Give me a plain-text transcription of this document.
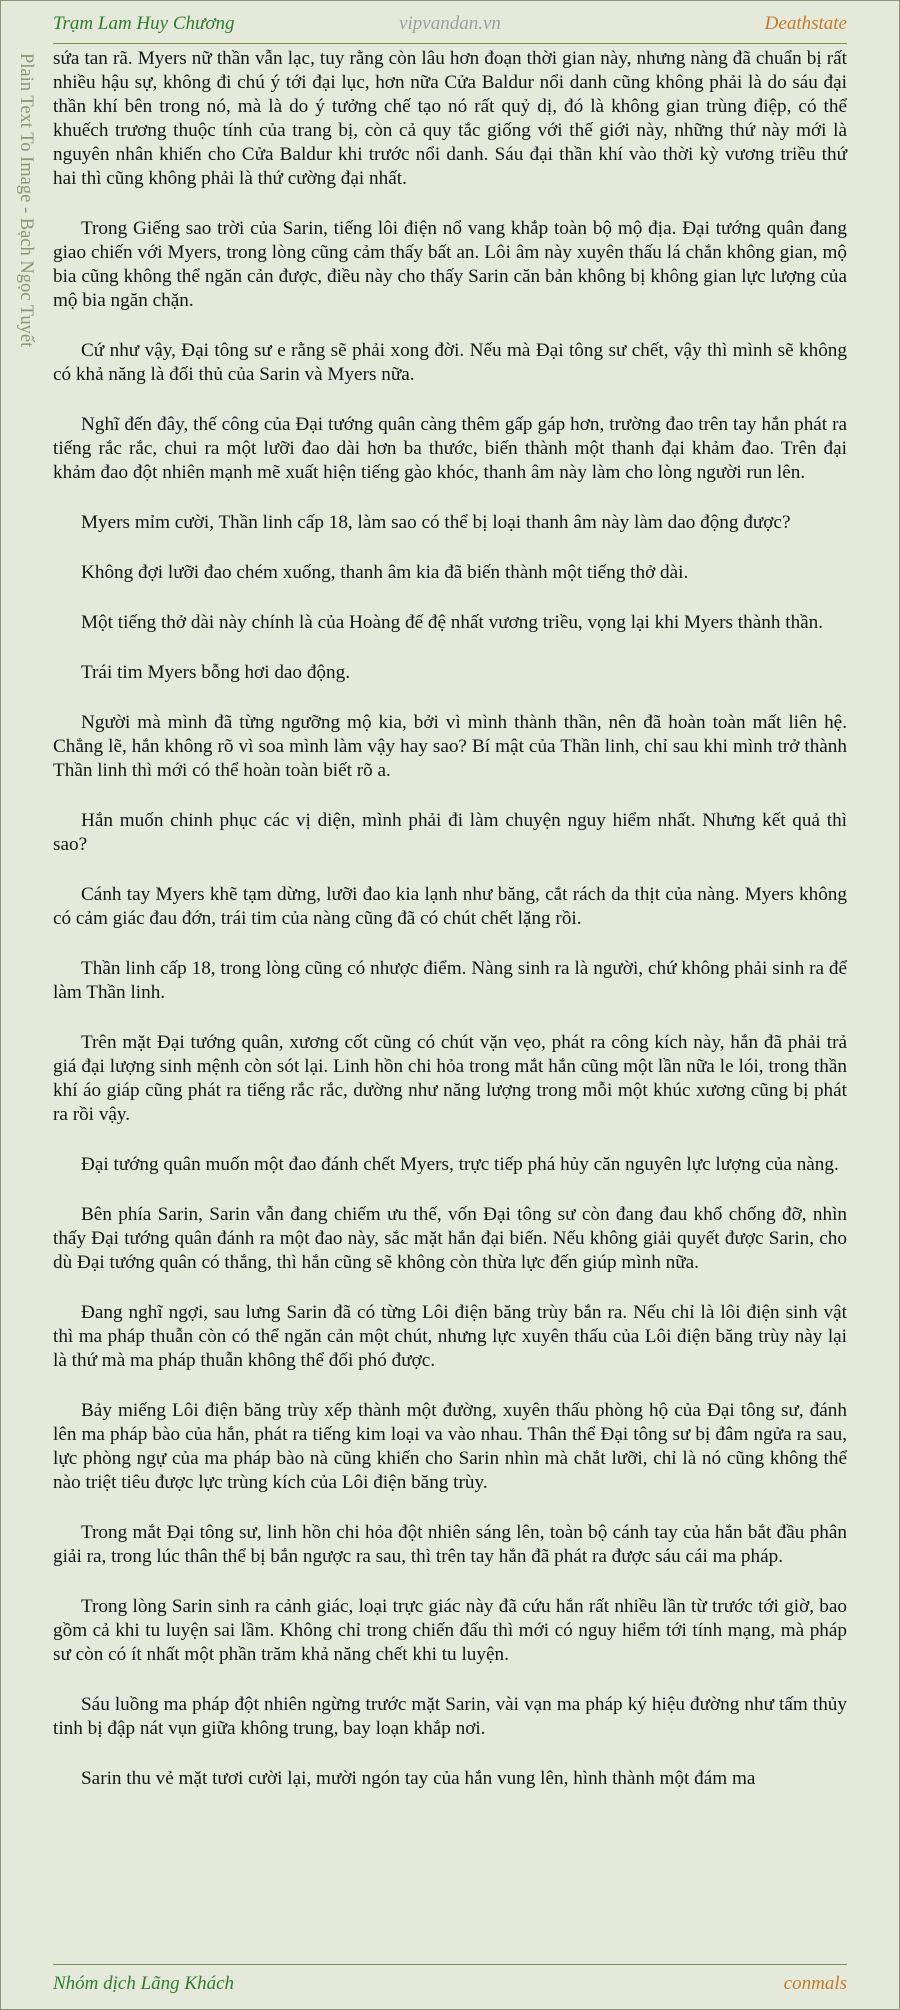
Trạm Lam Huy Chương	vipvandan.vn	Deathstate
Plain Text To Image - Bạch Ngọc Tuyết sứa tan rã. Myers nữ thần vẫn lạc, tuy rằng còn lâu hơn đoạn thời gian này, nhưng nàng đã chuẩn bị rất nhiều hậu sự, không đi chú ý tới đại lục, hơn nữa Cửa Baldur nổi danh cũng không phải là do sáu đại thần khí bên trong nó, mà là do ý tưởng chế tạo nó rất quỷ dị, đó là không gian trùng điệp, có thể khuếch trương thuộc tính của trang bị, còn cả quy tắc giống với thế giới này, những thứ này mới là nguyên nhân khiến cho Cửa Baldur khi trước nổi danh. Sáu đại thần khí vào thời kỳ vương triều thứ hai thì cũng không phải là thứ cường đại nhất.

Trong Giếng sao trời của Sarin, tiếng lôi điện nổ vang khắp toàn bộ mộ địa. Đại tướng quân đang giao chiến với Myers, trong lòng cũng cảm thấy bất an. Lôi âm này xuyên thấu lá chắn không gian, mộ bia cũng không thể ngăn cản được, điều này cho thấy Sarin căn bản không bị không gian lực lượng của mộ bia ngăn chặn.

Cứ như vậy, Đại tông sư e rằng sẽ phải xong đời. Nếu mà Đại tông sư chết, vậy thì mình sẽ không có khả năng là đối thủ của Sarin và Myers nữa.

Nghĩ đến đây, thế công của Đại tướng quân càng thêm gấp gáp hơn, trường đao trên tay hắn phát ra tiếng rắc rắc, chui ra một lưỡi đao dài hơn ba thước, biến thành một thanh đại khảm đao. Trên đại khảm đao đột nhiên mạnh mẽ xuất hiện tiếng gào khóc, thanh âm này làm cho lòng người run lên.

Myers mỉm cười, Thần linh cấp 18, làm sao có thể bị loại thanh âm này làm dao động được?

Không đợi lưỡi đao chém xuống, thanh âm kia đã biến thành một tiếng thở dài.

Một tiếng thở dài này chính là của Hoàng đế đệ nhất vương triều, vọng lại khi Myers thành thần.

Trái tim Myers bỗng hơi dao động.

Người mà mình đã từng ngưỡng mộ kia, bởi vì mình thành thần, nên đã hoàn toàn mất liên hệ. Chẳng lẽ, hắn không rõ vì soa mình làm vậy hay sao? Bí mật của Thần linh, chỉ sau khi mình trở thành Thần linh thì mới có thể hoàn toàn biết rõ a.

Hắn muốn chinh phục các vị diện, mình phải đi làm chuyện nguy hiểm nhất. Nhưng kết quả thì sao?

Cánh tay Myers khẽ tạm dừng, lưỡi đao kia lạnh như băng, cắt rách da thịt của nàng. Myers không có cảm giác đau đớn, trái tim của nàng cũng đã có chút chết lặng rồi.

Thần linh cấp 18, trong lòng cũng có nhược điểm. Nàng sinh ra là người, chứ không phải sinh ra để làm Thần linh.

Trên mặt Đại tướng quân, xương cốt cũng có chút vặn vẹo, phát ra công kích này, hắn đã phải trả giá đại lượng sinh mệnh còn sót lại. Linh hồn chi hỏa trong mắt hắn cũng một lần nữa le lói, trong thần khí áo giáp cũng phát ra tiếng rắc rắc, dường như năng lượng trong mỗi một khúc xương cũng bị phát ra rồi vậy.

Đại tướng quân muốn một đao đánh chết Myers, trực tiếp phá hủy căn nguyên lực lượng của nàng.

Bên phía Sarin, Sarin vẫn đang chiếm ưu thế, vốn Đại tông sư còn đang đau khổ chống đỡ, nhìn thấy Đại tướng quân đánh ra một đao này, sắc mặt hắn đại biến. Nếu không giải quyết được Sarin, cho dù Đại tướng quân có thắng, thì hắn cũng sẽ không còn thừa lực đến giúp mình nữa.

Đang nghĩ ngợi, sau lưng Sarin đã có từng Lôi điện băng trùy bắn ra. Nếu chỉ là lôi điện sinh vật thì ma pháp thuẫn còn có thể ngăn cản một chút, nhưng lực xuyên thấu của Lôi điện băng trùy này lại là thứ mà ma pháp thuẫn không thể đối phó được.

Bảy miếng Lôi điện băng trùy xếp thành một đường, xuyên thấu phòng hộ của Đại tông sư, đánh lên ma pháp bào của hắn, phát ra tiếng kim loại va vào nhau. Thân thể Đại tông sư bị đâm ngửa ra sau, lực phòng ngự của ma pháp bào nà cũng khiến cho Sarin nhìn mà chắt lưỡi, chỉ là nó cũng không thể nào triệt tiêu được lực trùng kích của Lôi điện băng trùy.

Trong mắt Đại tông sư, linh hồn chi hỏa đột nhiên sáng lên, toàn bộ cánh tay của hắn bắt đầu phân giải ra, trong lúc thân thể bị bắn ngược ra sau, thì trên tay hắn đã phát ra được sáu cái ma pháp.

Trong lòng Sarin sinh ra cảnh giác, loại trực giác này đã cứu hắn rất nhiều lần từ trước tới giờ, bao gồm cả khi tu luyện sai lầm. Không chỉ trong chiến đấu thì mới có nguy hiểm tới tính mạng, mà pháp sư còn có ít nhất một phần trăm khả năng chết khi tu luyện.

Sáu luồng ma pháp đột nhiên ngừng trước mặt Sarin, vài vạn ma pháp ký hiệu đường như tấm thủy tinh bị đập nát vụn giữa không trung, bay loạn khắp nơi.

Sarin thu vẻ mặt tươi cười lại, mười ngón tay của hắn vung lên, hình thành một đám ma

Nhóm dịch Lãng Khách	conmals
